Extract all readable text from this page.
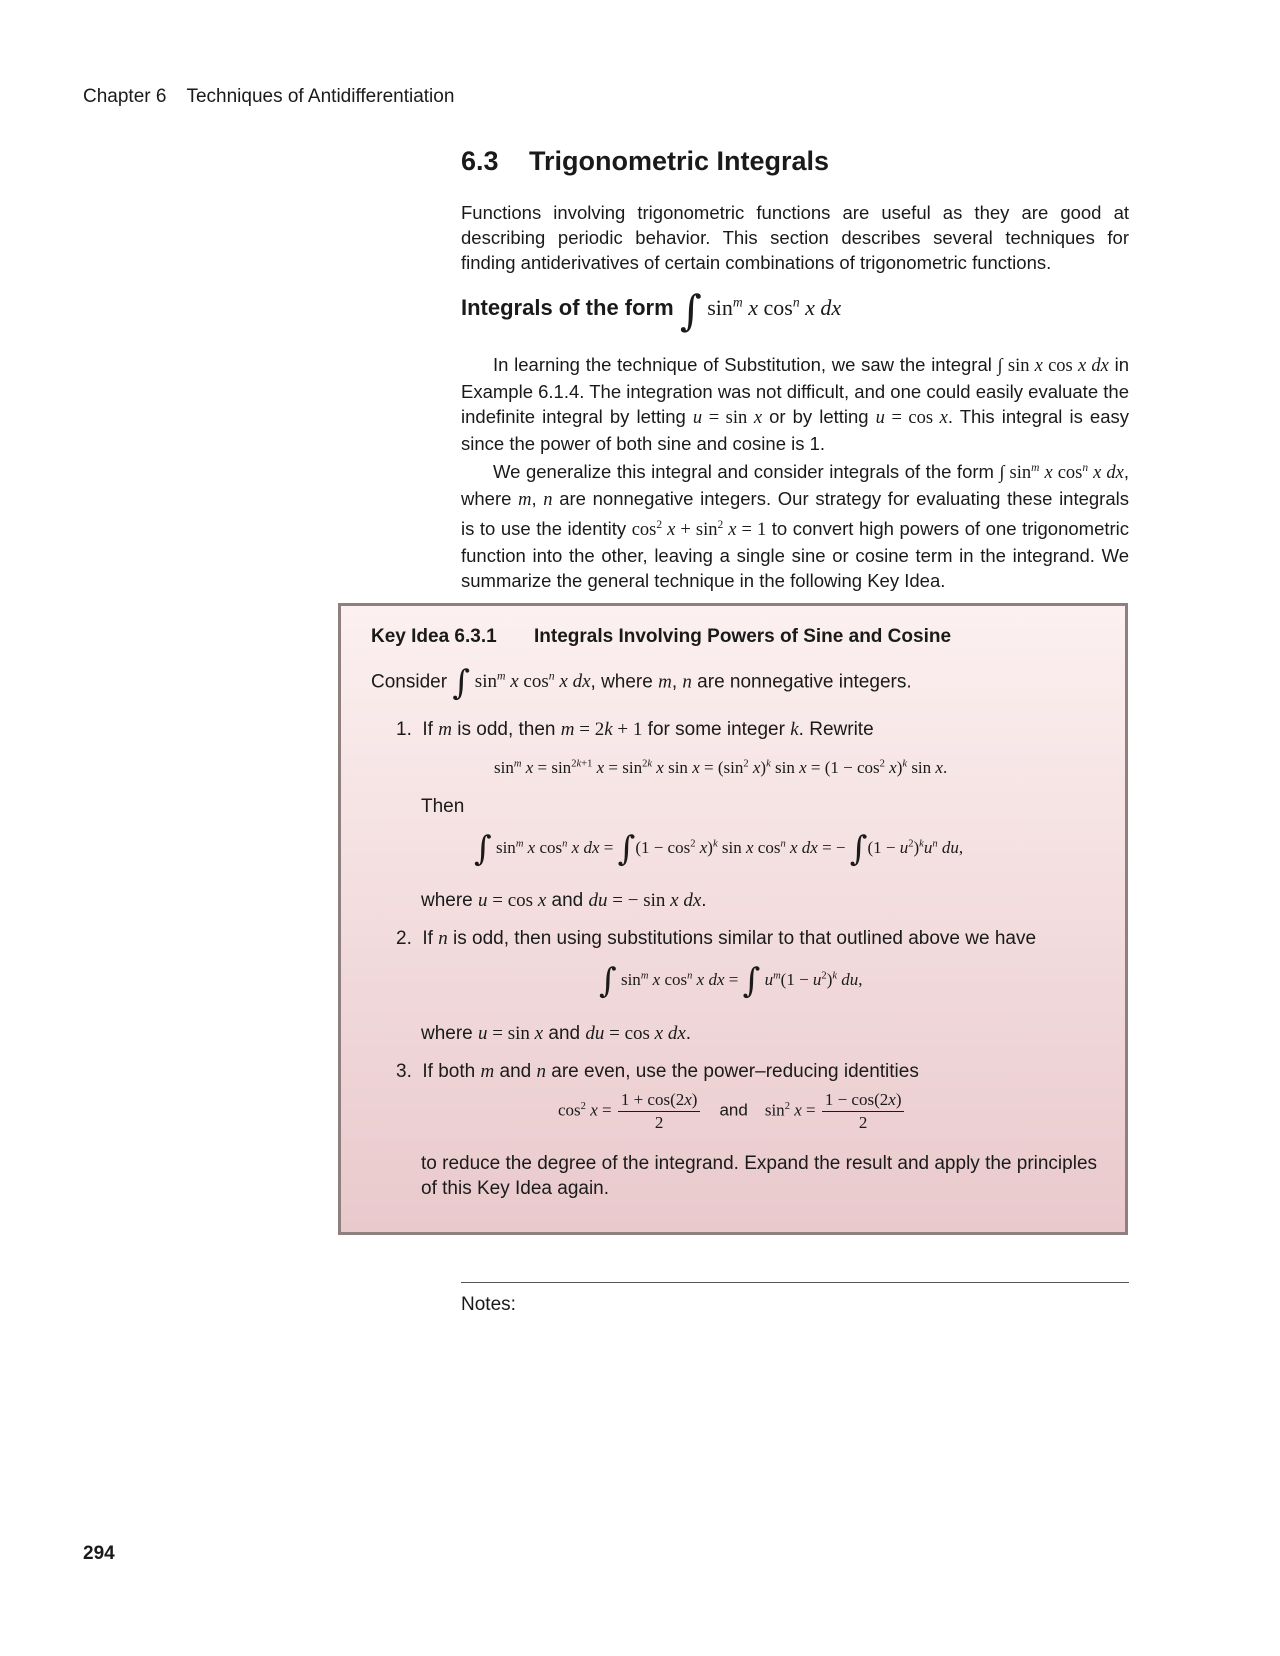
Chapter 6 Techniques of Antidifferentiation
6.3 Trigonometric Integrals
Functions involving trigonometric functions are useful as they are good at describing periodic behavior. This section describes several techniques for finding antiderivatives of certain combinations of trigonometric functions.
Integrals of the form ∫ $\sin^m x$ $\cos^n x$ dx

In learning the technique of Substitution, we saw the integral ∫ sin x cos x dx in Example 6.1.4. The integration was not difficult, and one could easily evaluate the indefinite integral by letting u = sin x or by letting u = cos x. This integral is easy since the power of both sine and cosine is 1.

We generalize this integral and consider integrals of the form ∫ $\sin^m x$ $\cos^n x$ dx, where m, n are nonnegative integers. Our strategy for evaluating these integrals is to use the identity $\cos^2 x + \sin^2 x = 1$ to convert high powers of one trigonometric function into the other, leaving a single sine or cosine term in the integrand. We summarize the general technique in the following Key Idea.

Key Idea 6.3.1 Integrals Involving Powers of Sine and Cosine
Consider ∫ $\sin^m x$ $\cos^n x$ dx, where m, n are nonnegative integers.
1.  If m is odd, then m = 2k + 1 for some integer k. Rewrite
$\sin^m x = \sin^{2k+1} x = \sin^{2k} x$ $\sin x = (\sin^2$ x)$^k$ $\sin x = (1 - \cos^2 x)^k$ sin x.
Then
∫ $\sin^m x$ $\cos^n x$ dx = $\int(1 - \cos^2 x)^k$ sin x $\cos^n x$ dx = − $\int(1 - u^2)^ku^n$ du,
where u = cos x and du = − sin x dx.
2.  If n is odd, then using substitutions similar to that outlined above we have
∫ $\sin^m x$ $\cos^n x$ dx = ∫ $u^m(1 - u^2)^k$ du,
where u = sin x and du = cos x dx.
3.  If both m and n are even, use the power–reducing identities
$\cos^2 x = \frac{1 + \cos(2x)}{2}$ and    $\sin^2 x = \frac{1 - \cos(2x)}{2}$
to reduce the degree of the integrand. Expand the result and apply the principles of this Key Idea again.
Notes:
294
